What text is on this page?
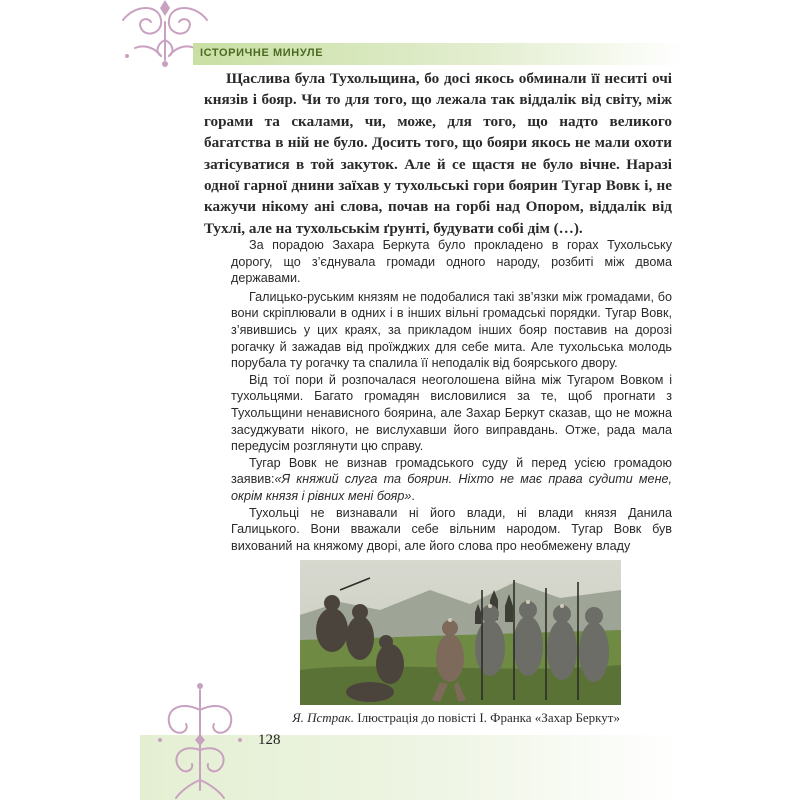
ІСТОРИЧНЕ МИНУЛЕ

Щаслива була Тухольщина, бо досі якось обминали її неситі очі князів і бояр. Чи то для того, що лежала так віддалік від світу, між горами та скалами, чи, може, для того, що надто великого багатства в ній не було. Досить того, що бояри якось не мали охоти затісуватися в той закуток. Але й се щастя не було вічне. Наразі одної гарної днини заїхав у тухольські гори боярин Тугар Вовк і, не кажучи нікому ані слова, почав на горбі над Опором, віддалік від Тухлі, але на тухольськім ґрунті, будувати собі дім (…).

За порадою Захара Беркута було прокладено в горах Тухольську дорогу, що з’єднувала громади одного народу, розбиті між двома державами.

Галицько-руським князям не подобалися такі зв’язки між громадами, бо вони скріплювали в одних і в інших вільні громадські порядки. Тугар Вовк, з’явившись у цих краях, за прикладом інших бояр поставив на дорозі рогачку й зажадав від проїжджих для себе мита. Але тухольська молодь порубала ту рогачку та спалила її неподалік від боярського двору.

Від тої пори й розпочалася неоголошена війна між Тугаром Вовком і тухольцями. Багато громадян висловилися за те, щоб прогнати з Тухольщини ненависного боярина, але Захар Беркут сказав, що не можна засуджувати нікого, не вислухавши його виправдань. Отже, рада мала передусім розглянути цю справу.

Тугар Вовк не визнав громадського суду й перед усією громадою заявив:«Я княжий слуга та боярин. Ніхто не має права судити мене, окрім князя і рівних мені бояр».

Тухольці не визнавали ні його влади, ні влади князя Данила Галицького. Вони вважали себе вільним народом. Тугар Вовк був вихований на княжому дворі, але його слова про необмежену владу

Я. Пстрак. Ілюстрація до повісті І. Франка «Захар Беркут»
128
